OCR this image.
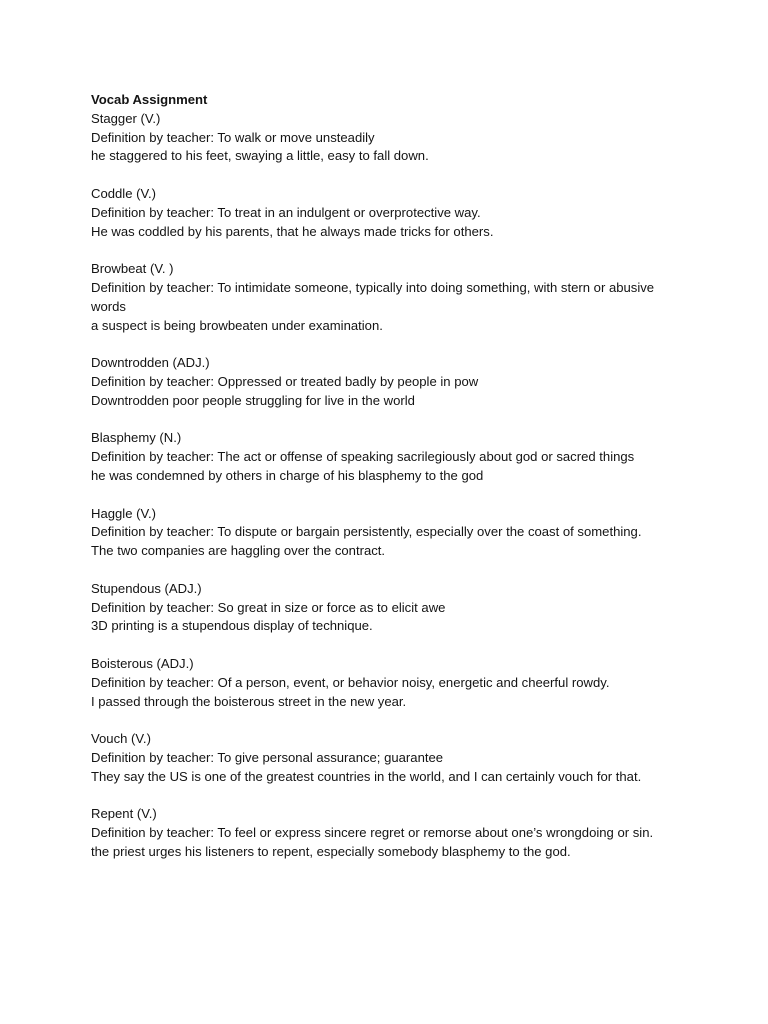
Vocab Assignment

Stagger (V.)

Definition by teacher: To walk or move unsteadily

he staggered to his feet, swaying a little, easy to fall down.

Coddle (V.)

Definition by teacher: To treat in an indulgent or overprotective way.

He was coddled by his parents, that he always made tricks for others.

Browbeat (V. )

Definition by teacher: To intimidate someone, typically into doing something, with stern or abusive words

a suspect is being browbeaten under examination.

Downtrodden (ADJ.)

Definition by teacher: Oppressed or treated badly by people in pow

Downtrodden poor people struggling for live in the world

Blasphemy (N.)

Definition by teacher: The act or offense of speaking sacrilegiously about god or sacred things

he was condemned by others in charge of his blasphemy to the god

Haggle (V.)

Definition by teacher: To dispute or bargain persistently, especially over the coast of something.

The two companies are haggling over the contract.

Stupendous (ADJ.)

Definition by teacher: So great in size or force as to elicit awe

3D printing is a stupendous display of technique.

Boisterous (ADJ.)

Definition by teacher: Of a person, event, or behavior noisy, energetic and cheerful rowdy.

I passed through the boisterous street in the new year.

Vouch (V.)

Definition by teacher: To give personal assurance; guarantee

They say the US is one of the greatest countries in the world, and I can certainly vouch for that.

Repent (V.)

Definition by teacher: To feel or express sincere regret or remorse about one’s wrongdoing or sin.

the priest urges his listeners to repent, especially somebody blasphemy to the god.
